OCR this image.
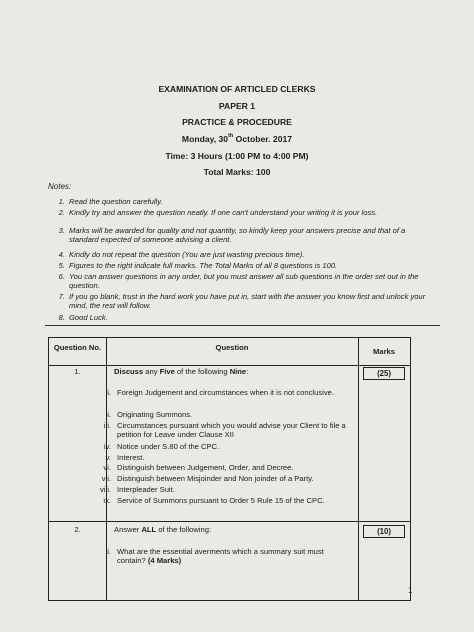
EXAMINATION OF ARTICLED CLERKS
PAPER 1
PRACTICE & PROCEDURE
Monday, 30th October. 2017
Time: 3 Hours (1:00 PM to 4:00 PM)
Total Marks: 100
Notes:
1. Read the question carefully.
2. Kindly try and answer the question neatly. If one can't understand your writing it is your loss.
3. Marks will be awarded for quality and not quantity, so kindly keep your answers precise and that of a standard expected of someone advising a client.
4. Kindly do not repeat the question (You are just wasting precious time).
5. Figures to the right indicate full marks. The Total Marks of all 8 questions is 100.
6. You can answer questions in any order, but you must answer all sub questions in the order set out in the question.
7. If you go blank, trust in the hard work you have put in, start with the answer you know first and unlock your mind, the rest will follow.
8. Good Luck.
Question No.	Question	Marks
1.	Discuss any Five of the following Nine:	(25)
i. Foreign Judgement and circumstances when it is not conclusive.
ii. Originating Summons.
iii. Circumstances pursuant which you would advise your Client to file a petition for Leave under Clause XII
iv. Notice under S.80 of the CPC.
v. Interest.
vi. Distinguish between Judgement, Order, and Decree.
vii. Distinguish between Misjoinder and Non joinder of a Party.
viii. Interpleader Suit.
ix. Service of Summons pursuant to Order 5 Rule 15 of the CPC.
2.	Answer ALL of the following:	(10)
i. What are the essential averments which a summary suit must contain? (4 Marks)
1
